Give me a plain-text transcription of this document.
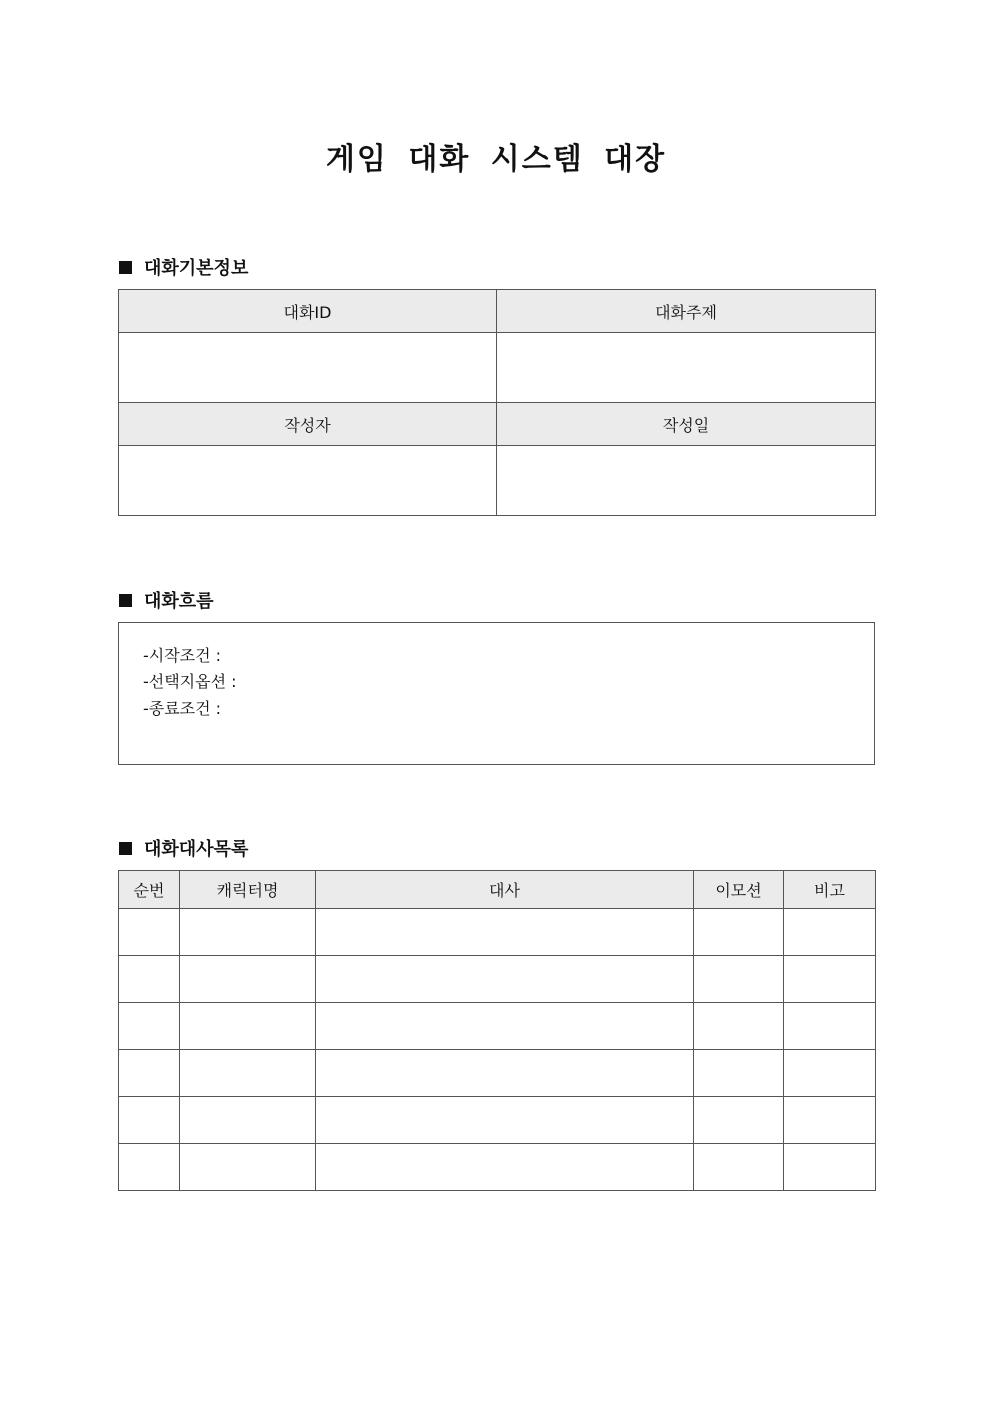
게임 대화 시스템 대장
대화기본정보
대화ID	대화주제

작성자	작성일

대화흐름
-시작조건 :
-선택지옵션 :
-종료조건 :
대화대사목록
순번	캐릭터명	대사	이모션	비고
